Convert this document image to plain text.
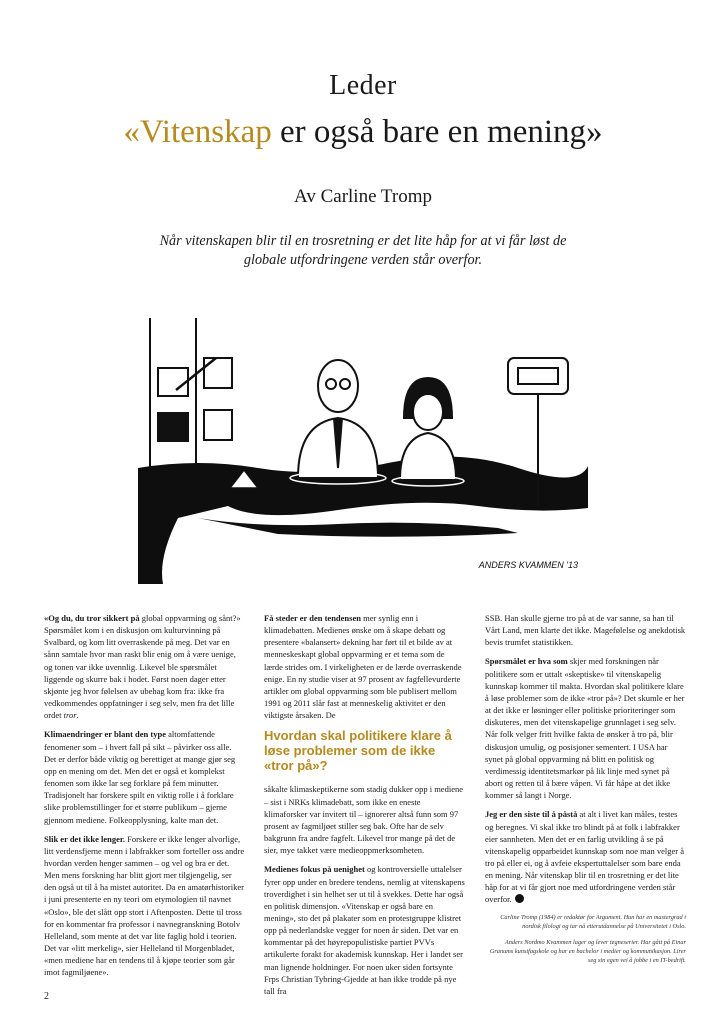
Leder
«Vitenskap er også bare en mening»
Av Carline Tromp
Når vitenskapen blir til en trosretning er det lite håp for at vi får løst de globale utfordringene verden står overfor.
ANDERS KVAMMEN '13

«Og du, du tror sikkert på global oppvarming og sånt?» Spørsmålet kom i en diskusjon om kulturvinning på Svalbard, og kom litt overraskende på meg. Det var en sånn samtale hvor man raskt blir enig om å være uenige, og tonen var ikke uvennlig. Likevel ble spørsmålet liggende og skurre bak i hodet. Først noen dager etter skjønte jeg hvor følelsen av ubehag kom fra: ikke fra vedkommendes oppfatninger i seg selv, men fra det lille ordet tror.

Klimaendringer er blant den type altomfattende fenomener som – i hvert fall på sikt – påvirker oss alle. Det er derfor både viktig og berettiget at mange gjør seg opp en mening om det. Men det er også et komplekst fenomen som ikke lar seg forklare på fem minutter. Tradisjonelt har forskere spilt en viktig rolle i å forklare slike problemstillinger for et større publikum – gjerne gjennom mediene. Folkeopplysning, kalte man det.

Slik er det ikke lenger. Forskere er ikke lenger alvorlige, litt verdensfjerne menn i labfrakker som forteller oss andre hvordan verden henger sammen – og vel og bra er det. Men mens forskning har blitt gjort mer tilgjengelig, ser den også ut til å ha mistet autoritet. Da en amatørhistoriker i juni presenterte en ny teori om etymologien til navnet «Oslo», ble det slått opp stort i Aftenposten. Dette til tross for en kommentar fra professor i navnegranskning Botolv Helleland, som mente at det var lite faglig hold i teorien. Det var «litt merkelig», sier Helleland til Morgenbladet, «men mediene har en tendens til å kjøpe teorier som går imot fagmiljøene».

Få steder er den tendensen mer synlig enn i klimadebatten. Medienes ønske om å skape debatt og presentere «balansert» dekning har ført til et bilde av at menneskeskapt global oppvarming er et tema som de lærde strides om. I virkeligheten er de lærde overraskende enige. En ny studie viser at 97 prosent av fagfellevurderte artikler om global oppvarming som ble publisert mellom 1991 og 2011 slår fast at menneskelig aktivitet er den viktigste årsaken. De

Hvordan skal politikere klare å løse problemer som de ikke «tror på»?

såkalte klimaskeptikerne som stadig dukker opp i mediene – sist i NRKs klimadebatt, som ikke en eneste klimaforsker var invitert til – ignorerer altså funn som 97 prosent av fagmiljøet stiller seg bak. Ofte har de selv bakgrunn fra andre fagfelt. Likevel tror mange på det de sier, mye takket være medieoppmerksomheten.

Medienes fokus på uenighet og kontroversielle uttalelser fyrer opp under en bredere tendens, nemlig at vitenskapens troverdighet i sin helhet ser ut til å svekkes. Dette har også en politisk dimensjon. «Vitenskap er også bare en mening», sto det på plakater som en protestgruppe klistret opp på nederlandske vegger for noen år siden. Det var en kommentar på det høyrepopulistiske partiet PVVs artikulerte forakt for akademisk kunnskap. Her i landet ser man lignende holdninger. For noen uker siden fortsynte Frps Christian Tybring-Gjedde at han ikke trodde på nye tall fra

SSB. Han skulle gjerne tro på at de var sanne, sa han til Vårt Land, men klarte det ikke. Magefølelse og anekdotisk bevis trumfet statistikken.

Spørsmålet er hva som skjer med forskningen når politikere som er uttalt «skeptiske» til vitenskapelig kunnskap kommer til makta. Hvordan skal politikere klare å løse problemer som de ikke «tror på»? Det skumle er her at det ikke er løsninger eller politiske prioriteringer som diskuteres, men det vitenskapelige grunnlaget i seg selv. Når folk velger fritt hvilke fakta de ønsker å tro på, blir diskusjon umulig, og posisjoner sementert. I USA har synet på global oppvarming nå blitt en politisk og verdimessig identitetsmarkør på lik linje med synet på abort og retten til å bære våpen. Vi får håpe at det ikke kommer så langt i Norge.

Jeg er den siste til å påstå at alt i livet kan måles, testes og beregnes. Vi skal ikke tro blindt på at folk i labfrakker eier sannheten. Men det er en farlig utvikling å se på vitenskapelig opparbeidet kunnskap som noe man velger å tro på eller ei, og å avfeie ekspertuttalelser som bare enda en mening. Når vitenskap blir til en trosretning er det lite håp for at vi får gjort noe med utfordringene verden står overfor.

Carline Tromp (1984) er redaktør for Argument. Hun har en mastergrad i nordisk filologi og tar nå etterutdannelse på Universitetet i Oslo.

Anders Nordmo Kvammen lager og lever tegneserier. Har gått på Einar Granums kunstfagskole og har en bachelor i medier og kommunikasjon. Lirer seg sin egen vei å jobbe i en IT-bedrift.

2
